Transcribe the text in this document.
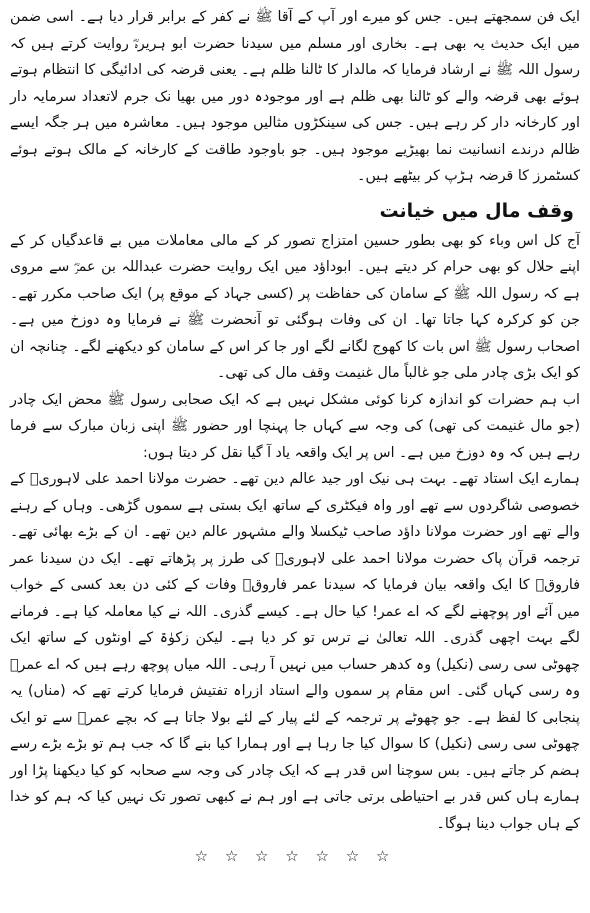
ایک فن سمجھتے ہیں۔ جس کو میرے اور آپ کے آقا ﷺ نے کفر کے برابر قرار دیا ہے۔ اسی ضمن میں ایک حدیث یہ بھی ہے۔ بخاری اور مسلم میں سیدنا حضرت ابو ہریرہؓ روایت کرتے ہیں کہ رسول اللہ ﷺ نے ارشاد فرمایا کہ مالدار کا ٹالنا ظلم ہے۔ یعنی قرضہ کی ادائیگی کا انتظام ہوتے ہوئے بھی قرضہ والے کو ٹالنا بھی ظلم ہے اور موجودہ دور میں بھیا نک جرم لاتعداد سرمایہ دار اور کارخانہ دار کر رہے ہیں۔ جس کی سینکڑوں مثالیں موجود ہیں۔ معاشرہ میں ہر جگہ ایسے ظالم درندے انسانیت نما بھیڑیے موجود ہیں۔ جو باوجود طاقت کے کارخانہ کے مالک ہوتے ہوئے کسٹمرز کا قرضہ ہڑپ کر بیٹھے ہیں۔

وقف مال میں خیانت

آج کل اس وباء کو بھی بطور حسین امتزاج تصور کر کے مالی معاملات میں بے قاعدگیاں کر کے اپنے حلال کو بھی حرام کر دیتے ہیں۔ ابوداؤد میں ایک روایت حضرت عبداللہ بن عمرؓ سے مروی ہے کہ رسول اللہ ﷺ کے سامان کی حفاظت پر (کسی جہاد کے موقع پر) ایک صاحب مکرر تھے۔ جن کو کرکرہ کہا جاتا تھا۔ ان کی وفات ہوگئی تو آنحضرت ﷺ نے فرمایا وہ دوزخ میں ہے۔ اصحاب رسول ﷺ اس بات کا کھوج لگانے لگے اور جا کر اس کے سامان کو دیکھنے لگے۔ چنانچہ ان کو ایک بڑی چادر ملی جو غالباً مال غنیمت وقف مال کی تھی۔

اب ہم حضرات کو اندازہ کرنا کوئی مشکل نہیں ہے کہ ایک صحابی رسول ﷺ محض ایک چادر (جو مال غنیمت کی تھی) کی وجہ سے کہاں جا پہنچا اور حضور ﷺ اپنی زبان مبارک سے فرما رہے ہیں کہ وہ دوزخ میں ہے۔ اس پر ایک واقعہ یاد آ گیا نقل کر دیتا ہوں:

ہمارے ایک استاد تھے۔ بہت ہی نیک اور جید عالم دین تھے۔ حضرت مولانا احمد علی لاہوریؒ کے خصوصی شاگردوں سے تھے اور واہ فیکٹری کے ساتھ ایک بستی ہے سموں گڑھی۔ وہاں کے رہنے والے تھے اور حضرت مولانا داؤد صاحب ٹیکسلا والے مشہور عالم دین تھے۔ ان کے بڑے بھائی تھے۔ ترجمہ قرآن پاک حضرت مولانا احمد علی لاہوریؒ کی طرز پر پڑھاتے تھے۔ ایک دن سیدنا عمر فاروقؓ کا ایک واقعہ بیان فرمایا کہ سیدنا عمر فاروقؓ وفات کے کئی دن بعد کسی کے خواب میں آئے اور پوچھنے لگے کہ اے عمر! کیا حال ہے۔ کیسے گذری۔ اللہ نے کیا معاملہ کیا ہے۔ فرمانے لگے بہت اچھی گذری۔ اللہ تعالیٰ نے ترس تو کر دیا ہے۔ لیکن زکوٰۃ کے اونٹوں کے ساتھ ایک چھوٹی سی رسی (نکیل) وہ کدھر حساب میں نہیں آ رہی۔ اللہ میاں پوچھ رہے ہیں کہ اے عمرؓ وہ رسی کہاں گئی۔ اس مقام پر سموں والے استاد ازراہ تفتیش فرمایا کرتے تھے کہ (مناں) یہ پنجابی کا لفظ ہے۔ جو چھوٹے پر ترجمہ کے لئے پیار کے لئے بولا جاتا ہے کہ بچے عمرؓ سے تو ایک چھوٹی سی رسی (نکیل) کا سوال کیا جا رہا ہے اور ہمارا کیا بنے گا کہ جب ہم تو بڑے بڑے رسے ہضم کر جاتے ہیں۔ بس سوچنا اس قدر ہے کہ ایک چادر کی وجہ سے صحابہ کو کیا دیکھنا پڑا اور ہمارے ہاں کس قدر بے احتیاطی برتی جاتی ہے اور ہم نے کبھی تصور تک نہیں کیا کہ ہم کو خدا کے ہاں جواب دینا ہوگا۔

☆ ☆ ☆ ☆ ☆ ☆ ☆
